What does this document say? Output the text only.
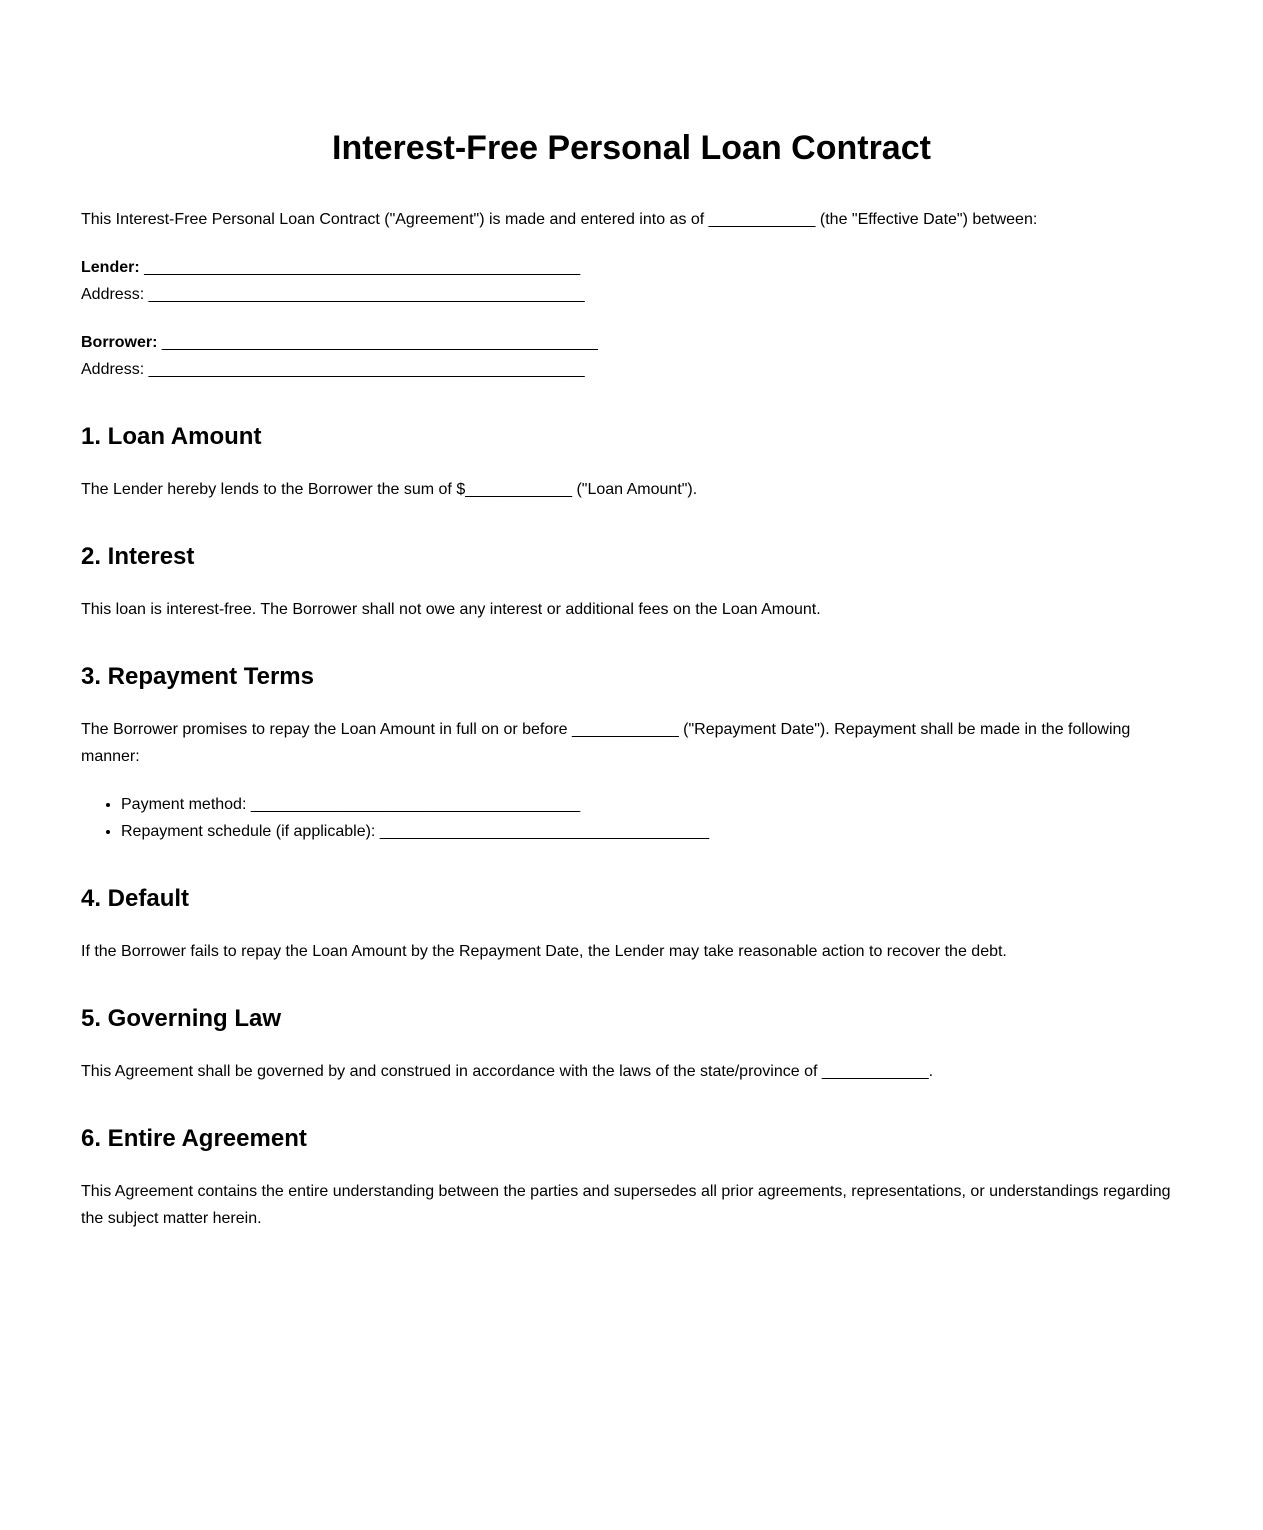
Interest-Free Personal Loan Contract

This Interest-Free Personal Loan Contract ("Agreement") is made and entered into as of ____________ (the "Effective Date") between:

Lender: _________________________________________________
Address: _________________________________________________
Borrower: _________________________________________________
Address: _________________________________________________
1. Loan Amount

The Lender hereby lends to the Borrower the sum of $____________ ("Loan Amount").

2. Interest

This loan is interest-free. The Borrower shall not owe any interest or additional fees on the Loan Amount.

3. Repayment Terms

The Borrower promises to repay the Loan Amount in full on or before ____________ ("Repayment Date"). Repayment shall be made in the following manner:

• Payment method: _____________________________________
• Repayment schedule (if applicable): _____________________________________
4. Default

If the Borrower fails to repay the Loan Amount by the Repayment Date, the Lender may take reasonable action to recover the debt.

5. Governing Law

This Agreement shall be governed by and construed in accordance with the laws of the state/province of ____________.

6. Entire Agreement

This Agreement contains the entire understanding between the parties and supersedes all prior agreements, representations, or understandings regarding the subject matter herein.
